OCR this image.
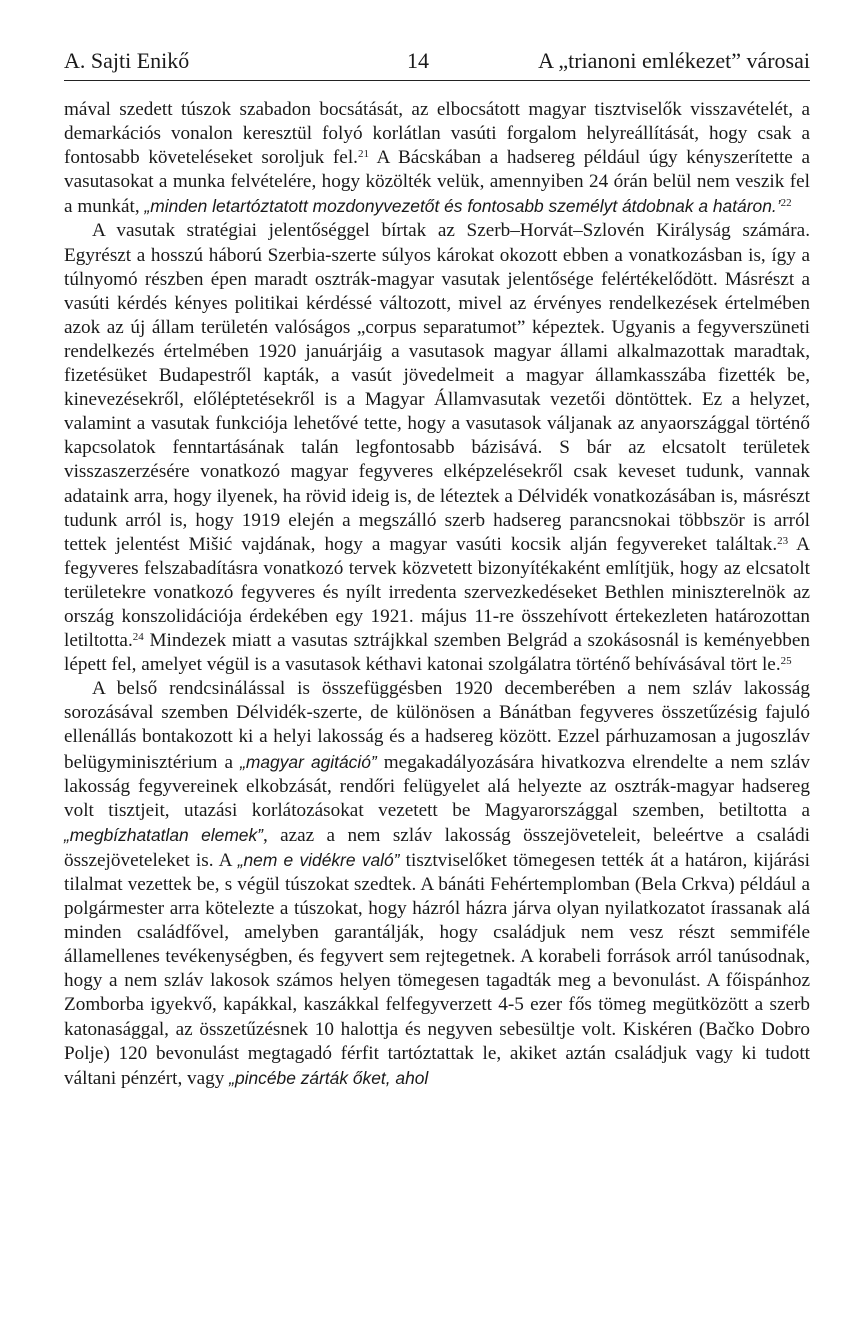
A. Sajti Enikő	14	A „trianoni emlékezet” városai

mával szedett túszok szabadon bocsátását, az elbocsátott magyar tisztviselők visszavételét, a demarkációs vonalon keresztül folyó korlátlan vasúti forgalom helyreállítását, hogy csak a fontosabb követeléseket soroljuk fel.$^{21}$ A Bácskában a hadsereg például úgy kényszerítette a vasutasokat a munka felvételére, hogy közölték velük, amennyiben 24 órán belül nem veszik fel a munkát, „minden letartóztatott mozdonyvezetőt és fontosabb személyt átdobnak a határon.’$^{22}$

A vasutak stratégiai jelentőséggel bírtak az Szerb–Horvát–Szlovén Királyság számára. Egyrészt a hosszú háború Szerbia-szerte súlyos károkat okozott ebben a vonatkozásban is, így a túlnyomó részben épen maradt osztrák-magyar vasutak jelentősége felértékelődött. Másrészt a vasúti kérdés kényes politikai kérdéssé változott, mivel az érvényes rendelkezések értelmében azok az új állam területén valóságos „corpus separatumot” képeztek. Ugyanis a fegyverszüneti rendelkezés értelmében 1920 januárjáig a vasutasok magyar állami alkalmazottak maradtak, fizetésüket Budapestről kapták, a vasút jövedelmeit a magyar államkasszába fizették be, kinevezésekről, előléptetésekről is a Magyar Államvasutak vezetői döntöttek. Ez a helyzet, valamint a vasutak funkciója lehetővé tette, hogy a vasutasok váljanak az anyaországgal történő kapcsolatok fenntartásának talán legfontosabb bázisává. S bár az elcsatolt területek visszaszerzésére vonatkozó magyar fegyveres elképzelésekről csak keveset tudunk, vannak adataink arra, hogy ilyenek, ha rövid ideig is, de léteztek a Délvidék vonatkozásában is, másrészt tudunk arról is, hogy 1919 elején a megszálló szerb hadsereg parancsnokai többször is arról tettek jelentést Mišić vajdának, hogy a magyar vasúti kocsik alján fegyvereket találtak.$^{23}$ A fegyveres felszabadításra vonatkozó tervek közvetett bizonyítékaként említjük, hogy az elcsatolt területekre vonatkozó fegyveres és nyílt irredenta szervezkedéseket Bethlen miniszterelnök az ország konszolidációja érdekében egy 1921. május 11-re összehívott értekezleten határozottan letiltotta.$^{24}$ Mindezek miatt a vasutas sztrájkkal szemben Belgrád a szokásosnál is keményebben lépett fel, amelyet végül is a vasutasok kéthavi katonai szolgálatra történő behívásával tört le.$^{25}$

A belső rendcsinálással is összefüggésben 1920 decemberében a nem szláv lakosság sorozásával szemben Délvidék-szerte, de különösen a Bánátban fegyveres összetűzésig fajuló ellenállás bontakozott ki a helyi lakosság és a hadsereg között. Ezzel párhuzamosan a jugoszláv belügyminisztérium a „magyar agitáció” megakadályozására hivatkozva elrendelte a nem szláv lakosság fegyvereinek elkobzását, rendőri felügyelet alá helyezte az osztrák-magyar hadsereg volt tisztjeit, utazási korlátozásokat vezetett be Magyarországgal szemben, betiltotta a „megbízhatatlan elemek”, azaz a nem szláv lakosság összejöveteleit, beleértve a családi összejöveteleket is. A „nem e vidékre való” tisztviselőket tömegesen tették át a határon, kijárási tilalmat vezettek be, s végül túszokat szedtek. A bánáti Fehértemplomban (Bela Crkva) például a polgármester arra kötelezte a túszokat, hogy házról házra járva olyan nyilatkozatot írassanak alá minden családfővel, amelyben garantálják, hogy családjuk nem vesz részt semmiféle államellenes tevékenységben, és fegyvert sem rejtegetnek. A korabeli források arról tanúsodnak, hogy a nem szláv lakosok számos helyen tömegesen tagadták meg a bevonulást. A főispánhoz Zomborba igyekvő, kapákkal, kaszákkal felfegyverzett 4-5 ezer fős tömeg megütközött a szerb katonasággal, az összetűzésnek 10 halottja és negyven sebesültje volt. Kiskéren (Bačko Dobro Polje) 120 bevonulást megtagadó férfit tartóztattak le, akiket aztán családjuk vagy ki tudott váltani pénzért, vagy „pincébe zárták őket, ahol
